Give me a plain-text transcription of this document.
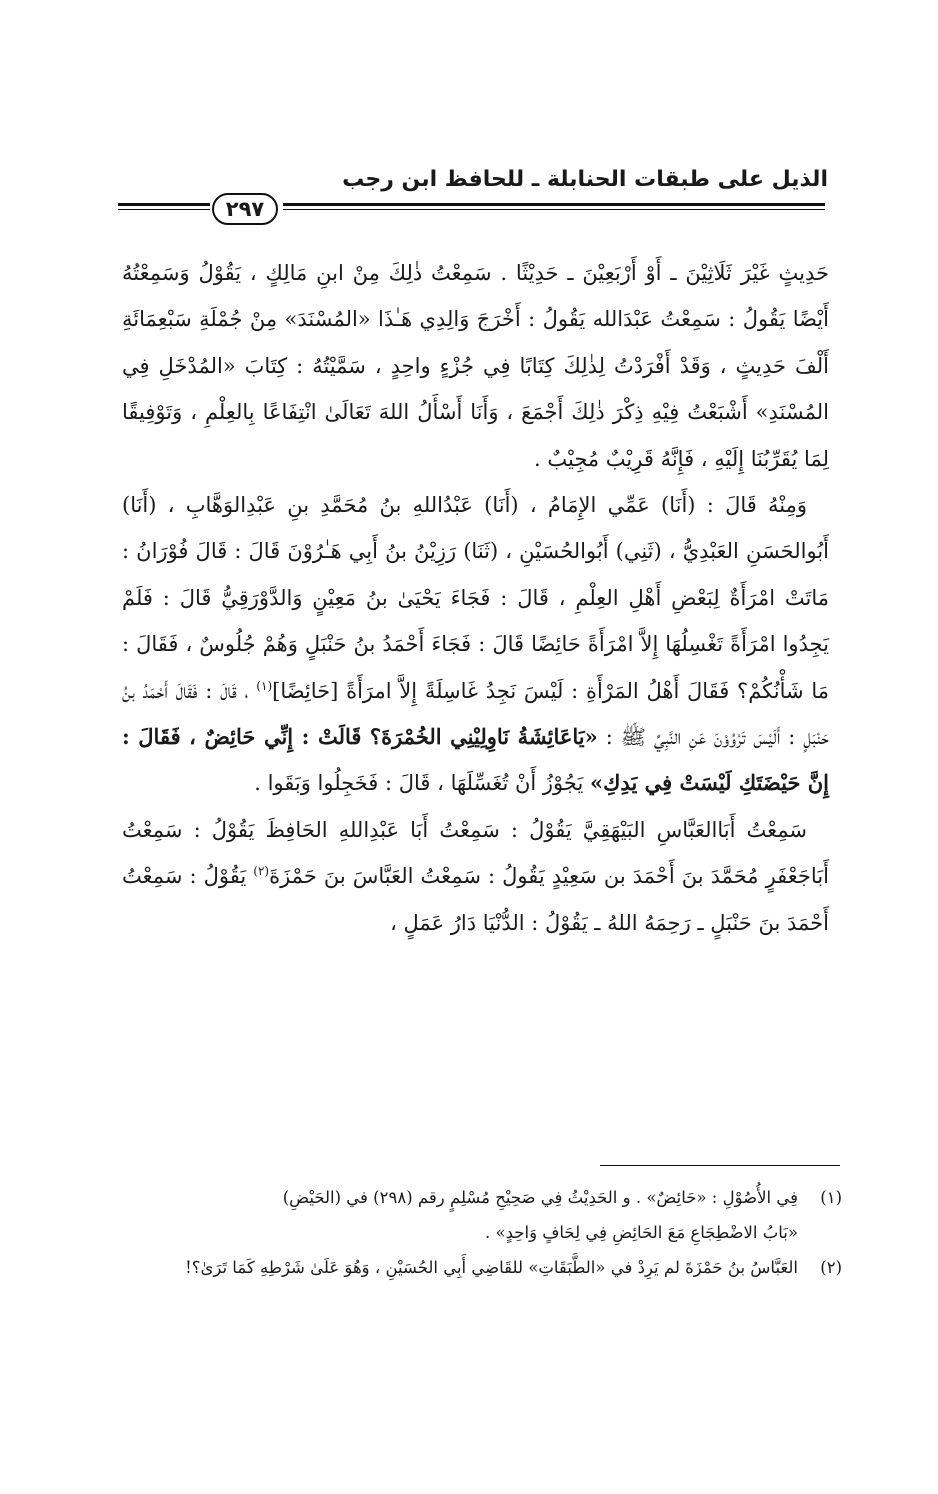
الذيل على طبقات الحنابلة ـ للحافظ ابن رجب
٢٩٧

حَدِيثٍ غَيْرَ ثَلَاثِيْنَ ـ أَوْ أَرْبَعِيْنَ ـ حَدِيْثًا . سَمِعْتُ ذٰلِكَ مِنْ ابنِ مَالِكٍ ، يَقُوْلُ وَسَمِعْتُهُ أَيْضًا يَقُولُ : سَمِعْتُ عَبْدَالله يَقُولُ : أَخْرَجَ وَالِدِي هَـٰذَا «المُسْنَدَ» مِنْ جُمْلَةِ سَبْعِمَائَةِ أَلْفَ حَدِيثٍ ، وَقَدْ أَفْرَدْتُ لِذٰلِكَ كِتَابًا فِي جُزْءٍ واحِدٍ ، سَمَّيْتُهُ : كِتَابَ «المُدْخَلِ فِي المُسْنَدِ» أَشْبَعْتُ فِيْهِ ذِكْرَ ذٰلِكَ أَجْمَعَ ، وَأَنَا أَسْأَلُ اللهَ تَعَالَىٰ انْتِفَاعًا بِالعِلْمِ ، وَتَوْفِيقًا لِمَا يُقَرِّبُنَا إِلَيْهِ ، فَإِنَّهُ قَرِيْبٌ مُجِيْبٌ .

وَمِنْهُ قَالَ : (أَنَا) عَمِّي الإِمَامُ ، (أَنَا) عَبْدُاللهِ بنُ مُحَمَّدِ بنِ عَبْدِالوَهَّابِ ، (أَنَا) أَبُوالحَسَنِ العَبْدِيُّ ، (ثَنِي) أَبُوالحُسَيْنِ ، (ثَنَا) رَزِيْنُ بنُ أَبِي هَـٰرُوْنَ قَالَ : قَالَ فُوْرَانُ : مَاتَتْ امْرَأَةٌ لِبَعْضِ أَهْلِ العِلْمِ ، قَالَ : فَجَاءَ يَحْيَىٰ بنُ مَعِيْنٍ وَالدَّوْرَقِيُّ قَالَ : فَلَمْ يَجِدُوا امْرَأَةً تَغْسِلُهَا إِلاَّ امْرَأَةً حَائِضًا قَالَ : فَجَاءَ أَحْمَدُ بنُ حَنْبَلٍ وَهُمْ جُلُوسٌ ، فَقَالَ : مَا شَأْنُكُمْ؟ فَقَالَ أَهْلُ المَرْأَةِ : لَيْسَ نَجِدُ غَاسِلَةً إِلاَّ امرَأَةً [حَائِضًا]$^{(١)}$ ، قَالَ : فَقَالَ أَحْمَدُ بنُ حَنْبَلٍ : أَلَيْسَ تَرْوُوْنَ عَنِ النَّبِيِّ ﷺ : «يَاعَائِشَةُ نَاوِلِيْنِي الخُمْرَةَ؟ قَالَتْ : إِنِّي حَائِضٌ ، فَقَالَ : إِنَّ حَيْضَتَكِ لَيْسَتْ فِي يَدِكِ» يَجُوْزُ أَنْ تُغَسِّلَهَا ، قَالَ : فَخَجِلُوا وَبَقَوا .

سَمِعْتُ أَبَاالعَبَّاسِ البَيْهَقِيَّ يَقُوْلُ : سَمِعْتُ أَبَا عَبْدِاللهِ الحَافِظَ يَقُوْلُ : سَمِعْتُ أَبَاجَعْفَرٍ مُحَمَّدَ بنَ أَحْمَدَ بن سَعِيْدٍ يَقُولُ : سَمِعْتُ العَبَّاسَ بنَ حَمْزَةَ$^{(٢)}$ يَقُوْلُ : سَمِعْتُ أَحْمَدَ بنَ حَنْبَلٍ ـ رَحِمَهُ اللهُ ـ يَقُوْلُ : الدُّنْيَا دَارُ عَمَلٍ ،

(١)
فِي الأُصُوْلِ : «حَائِضٌ» . و الحَدِيْثُ فِي صَحِيْحِ مُسْلِمٍ رقم (٢٩٨) في (الحَيْضِ)
«بَابُ الاضْطِجَاعِ مَعَ الحَائِضِ فِي لِحَافٍ وَاحِدٍ» .
(٢)
العَبَّاسُ بنُ حَمْزَةَ لم يَرِدْ في «الطَّبَقَاتِ» للقَاضِي أَبِي الحُسَيْنِ ، وَهُوَ عَلَىٰ شَرْطِهِ كَمَا تَرَىٰ؟!
